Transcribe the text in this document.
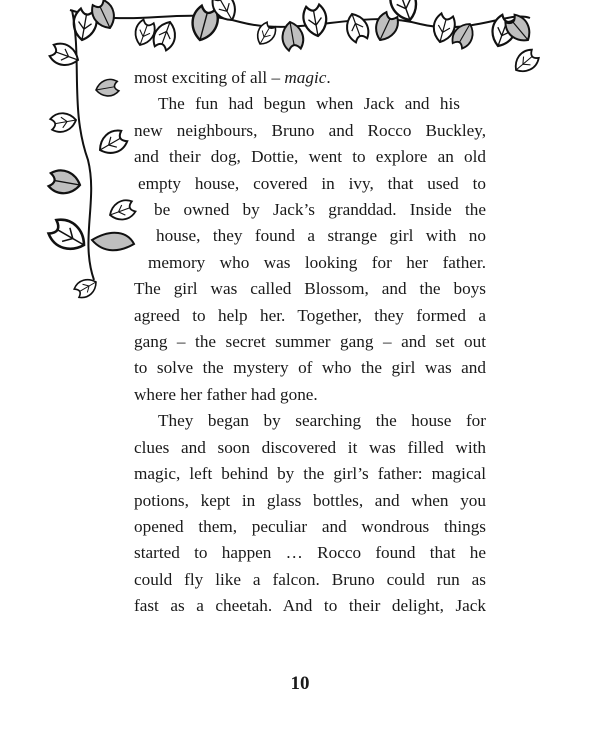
most exciting of all – magic.
The fun had begun when Jack and his
new neighbours, Bruno and Rocco Buckley,
and their dog, Dottie, went to explore an old
empty house, covered in ivy, that used to
be owned by Jack’s granddad. Inside the
house, they found a strange girl with no
memory who was looking for her father.
The girl was called Blossom, and the boys
agreed to help her. Together, they formed a
gang – the secret summer gang – and set out
to solve the mystery of who the girl was and
where her father had gone.
They began by searching the house for
clues and soon discovered it was filled with
magic, left behind by the girl’s father: magical
potions, kept in glass bottles, and when you
opened them, peculiar and wondrous things
started to happen … Rocco found that he
could fly like a falcon. Bruno could run as
fast as a cheetah. And to their delight, Jack
10
